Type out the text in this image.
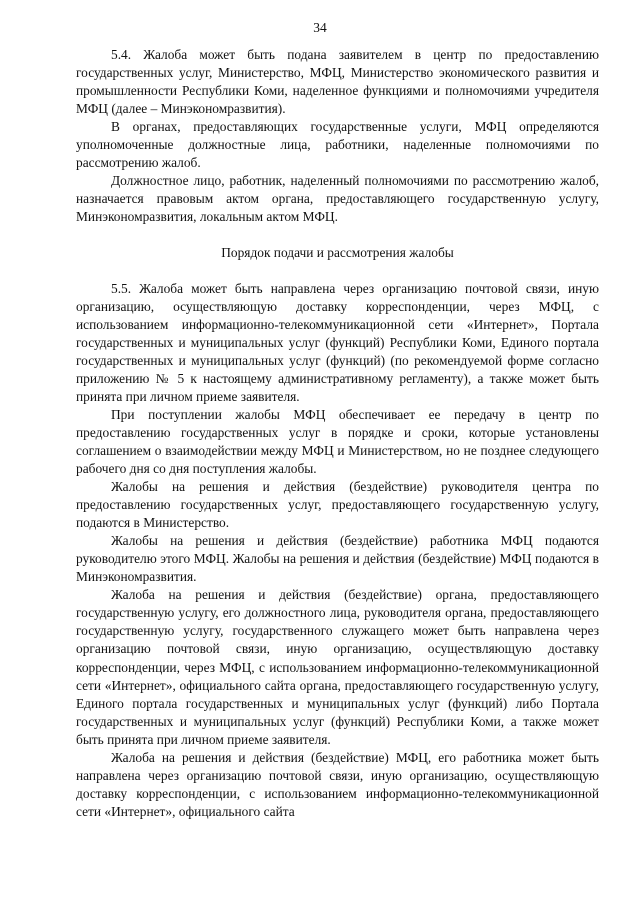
34

5.4. Жалоба может быть подана заявителем в центр по предоставлению государственных услуг, Министерство, МФЦ, Министерство экономического развития и промышленности Республики Коми, наделенное функциями и полномочиями учредителя МФЦ (далее – Минэкономразвития).

В органах, предоставляющих государственные услуги, МФЦ определяются уполномоченные должностные лица, работники, наделенные полномочиями по рассмотрению жалоб.

Должностное лицо, работник, наделенный полномочиями по рассмотрению жалоб, назначается правовым актом органа, предоставляющего государственную услугу, Минэкономразвития, локальным актом МФЦ.

Порядок подачи и рассмотрения жалобы

5.5. Жалоба может быть направлена через организацию почтовой связи, иную организацию, осуществляющую доставку корреспонденции, через МФЦ, с использованием информационно-телекоммуникационной сети «Интернет», Портала государственных и муниципальных услуг (функций) Республики Коми, Единого портала государственных и муниципальных услуг (функций) (по рекомендуемой форме согласно приложению № 5 к настоящему административному регламенту), а также может быть принята при личном приеме заявителя.

При поступлении жалобы МФЦ обеспечивает ее передачу в центр по предоставлению государственных услуг в порядке и сроки, которые установлены соглашением о взаимодействии между МФЦ и Министерством, но не позднее следующего рабочего дня со дня поступления жалобы.

Жалобы на решения и действия (бездействие) руководителя центра по предоставлению государственных услуг, предоставляющего государственную услугу, подаются в Министерство.

Жалобы на решения и действия (бездействие) работника МФЦ подаются руководителю этого МФЦ. Жалобы на решения и действия (бездействие) МФЦ подаются в Минэкономразвития.

Жалоба на решения и действия (бездействие) органа, предоставляющего государственную услугу, его должностного лица, руководителя органа, предоставляющего государственную услугу, государственного служащего может быть направлена через организацию почтовой связи, иную организацию, осуществляющую доставку корреспонденции, через МФЦ, с использованием информационно-телекоммуникационной сети «Интернет», официального сайта органа, предоставляющего государственную услугу, Единого портала государственных и муниципальных услуг (функций) либо Портала государственных и муниципальных услуг (функций) Республики Коми, а также может быть принята при личном приеме заявителя.

Жалоба на решения и действия (бездействие) МФЦ, его работника может быть направлена через организацию почтовой связи, иную организацию, осуществляющую доставку корреспонденции, с использованием информационно-телекоммуникационной сети «Интернет», официального сайта
